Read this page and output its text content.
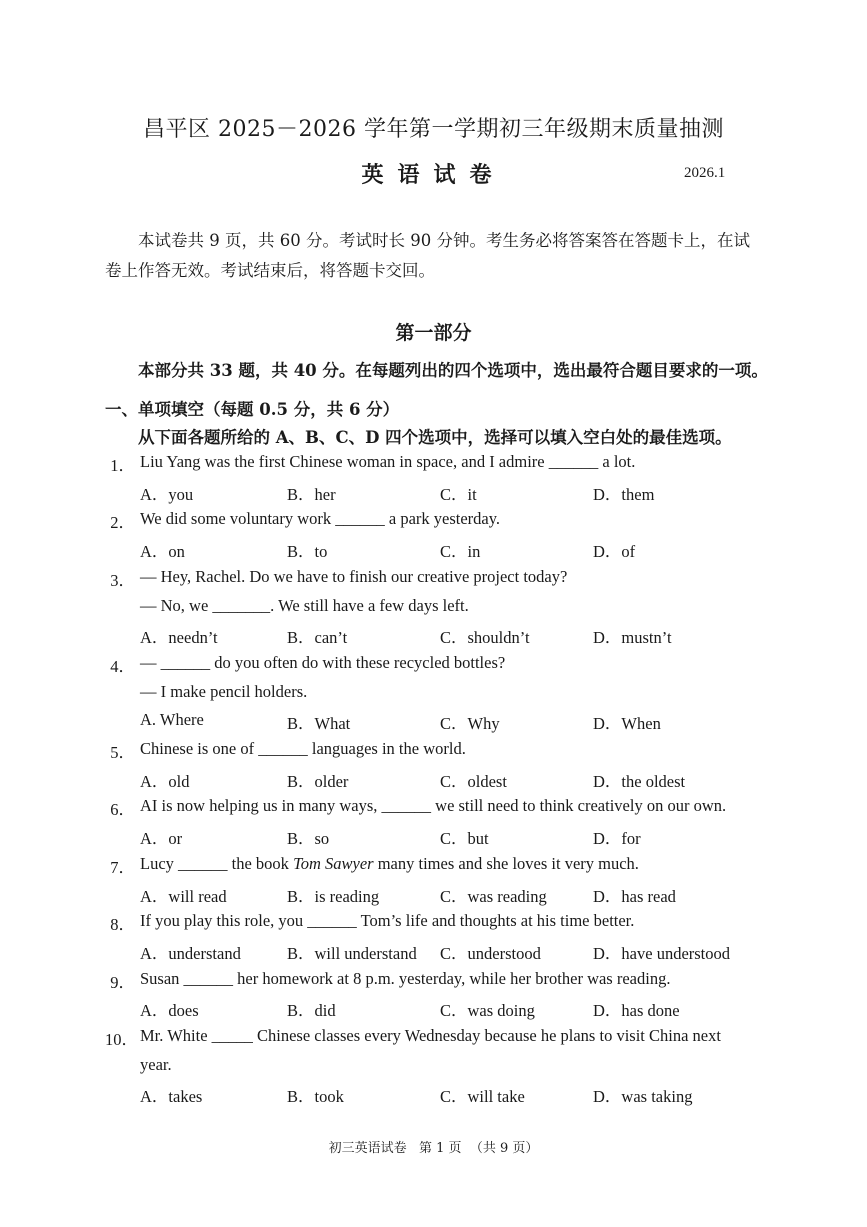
昌平区 2025－2026 学年第一学期初三年级期末质量抽测
英语试卷	2026.1
本试卷共 9 页，共 60 分。考试时长 90 分钟。考生务必将答案答在答题卡上，在试卷上作答无效。考试结束后，将答题卡交回。
第一部分
本部分共 33 题，共 40 分。在每题列出的四个选项中，选出最符合题目要求的一项。
一、单项填空（每题 0.5 分，共 6 分）
从下面各题所给的 A、B、C、D 四个选项中，选择可以填入空白处的最佳选项。
1． Liu Yang was the first Chinese woman in space, and I admire ______ a lot.
A．you	B．her	C．it	D．them
2． We did some voluntary work ______ a park yesterday.
A．on	B．to	C．in	D．of
3． — Hey, Rachel. Do we have to finish our creative project today?
— No, we _______. We still have a few days left.
A．needn’t	B．can’t	C．shouldn’t	D．mustn’t
4． — ______ do you often do with these recycled bottles?
— I make pencil holders.
A. Where	B．What	C．Why	D．When
5． Chinese is one of ______ languages in the world.
A．old	B．older	C．oldest	D．the oldest
6． AI is now helping us in many ways, ______ we still need to think creatively on our own.
A．or	B．so	C．but	D．for
7． Lucy ______ the book Tom Sawyer many times and she loves it very much.
A．will read	B．is reading	C．was reading	D．has read
8． If you play this role, you ______ Tom’s life and thoughts at his time better.
A．understand	B．will understand C．understood	D．have understood
9． Susan ______ her homework at 8 p.m. yesterday, while her brother was reading.
A．does	B．did	C．was doing	D．has done
10． Mr. White _____ Chinese classes every Wednesday because he plans to visit China next
year.
A．takes	B．took	C．will take	D．was taking
初三英语试卷   第 1 页  （共 9 页）
